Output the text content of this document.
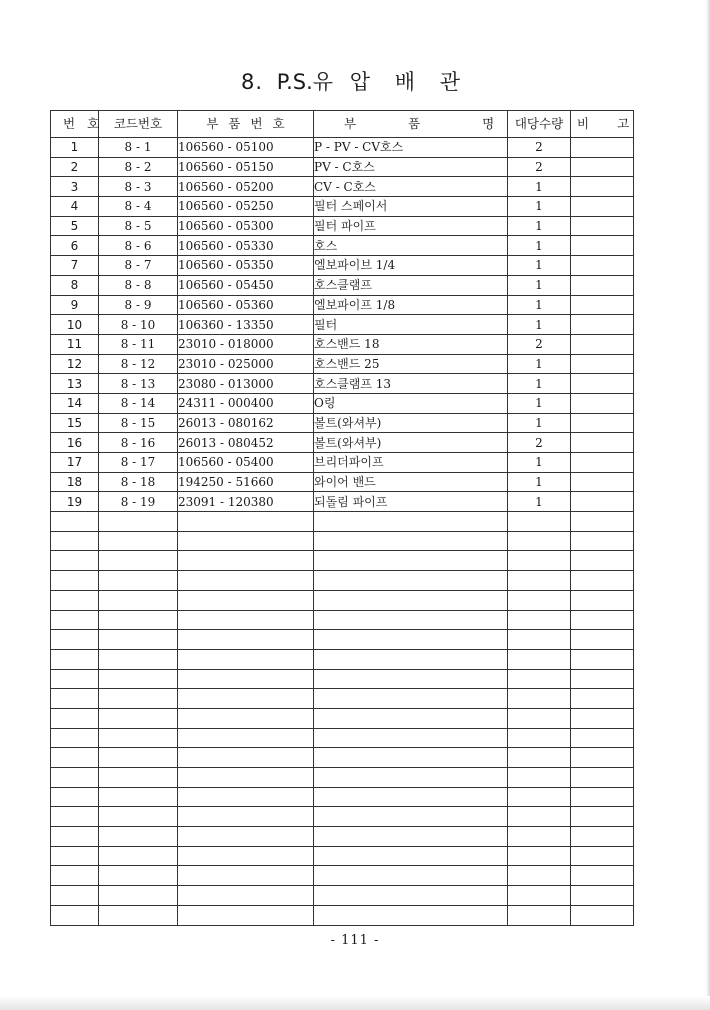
8. P.S.유 압 배 관
번호	코드번호	부품번호	부 품 명	대당수량	비 고
1	8 - 1	106560 - 05100	P - PV - CV호스	2	
2	8 - 2	106560 - 05150	PV - C호스	2	
3	8 - 3	106560 - 05200	CV - C호스	1	
4	8 - 4	106560 - 05250	필터 스페이서	1	
5	8 - 5	106560 - 05300	필터 파이프	1	
6	8 - 6	106560 - 05330	호스	1	
7	8 - 7	106560 - 05350	엘보파이브 1/4	1	
8	8 - 8	106560 - 05450	호스클램프	1	
9	8 - 9	106560 - 05360	엘보파이프 1/8	1	
10	8 - 10	106360 - 13350	필터	1	
11	8 - 11	23010 - 018000	호스밴드 18	2	
12	8 - 12	23010 - 025000	호스밴드 25	1	
13	8 - 13	23080 - 013000	호스클램프 13	1	
14	8 - 14	24311 - 000400	O링	1	
15	8 - 15	26013 - 080162	볼트(와셔부)	1	
16	8 - 16	26013 - 080452	볼트(와셔부)	2	
17	8 - 17	106560 - 05400	브리더파이프	1	
18	8 - 18	194250 - 51660	와이어 밴드	1	
19	8 - 19	23091 - 120380	되돌림 파이프	1	

- 111 -
